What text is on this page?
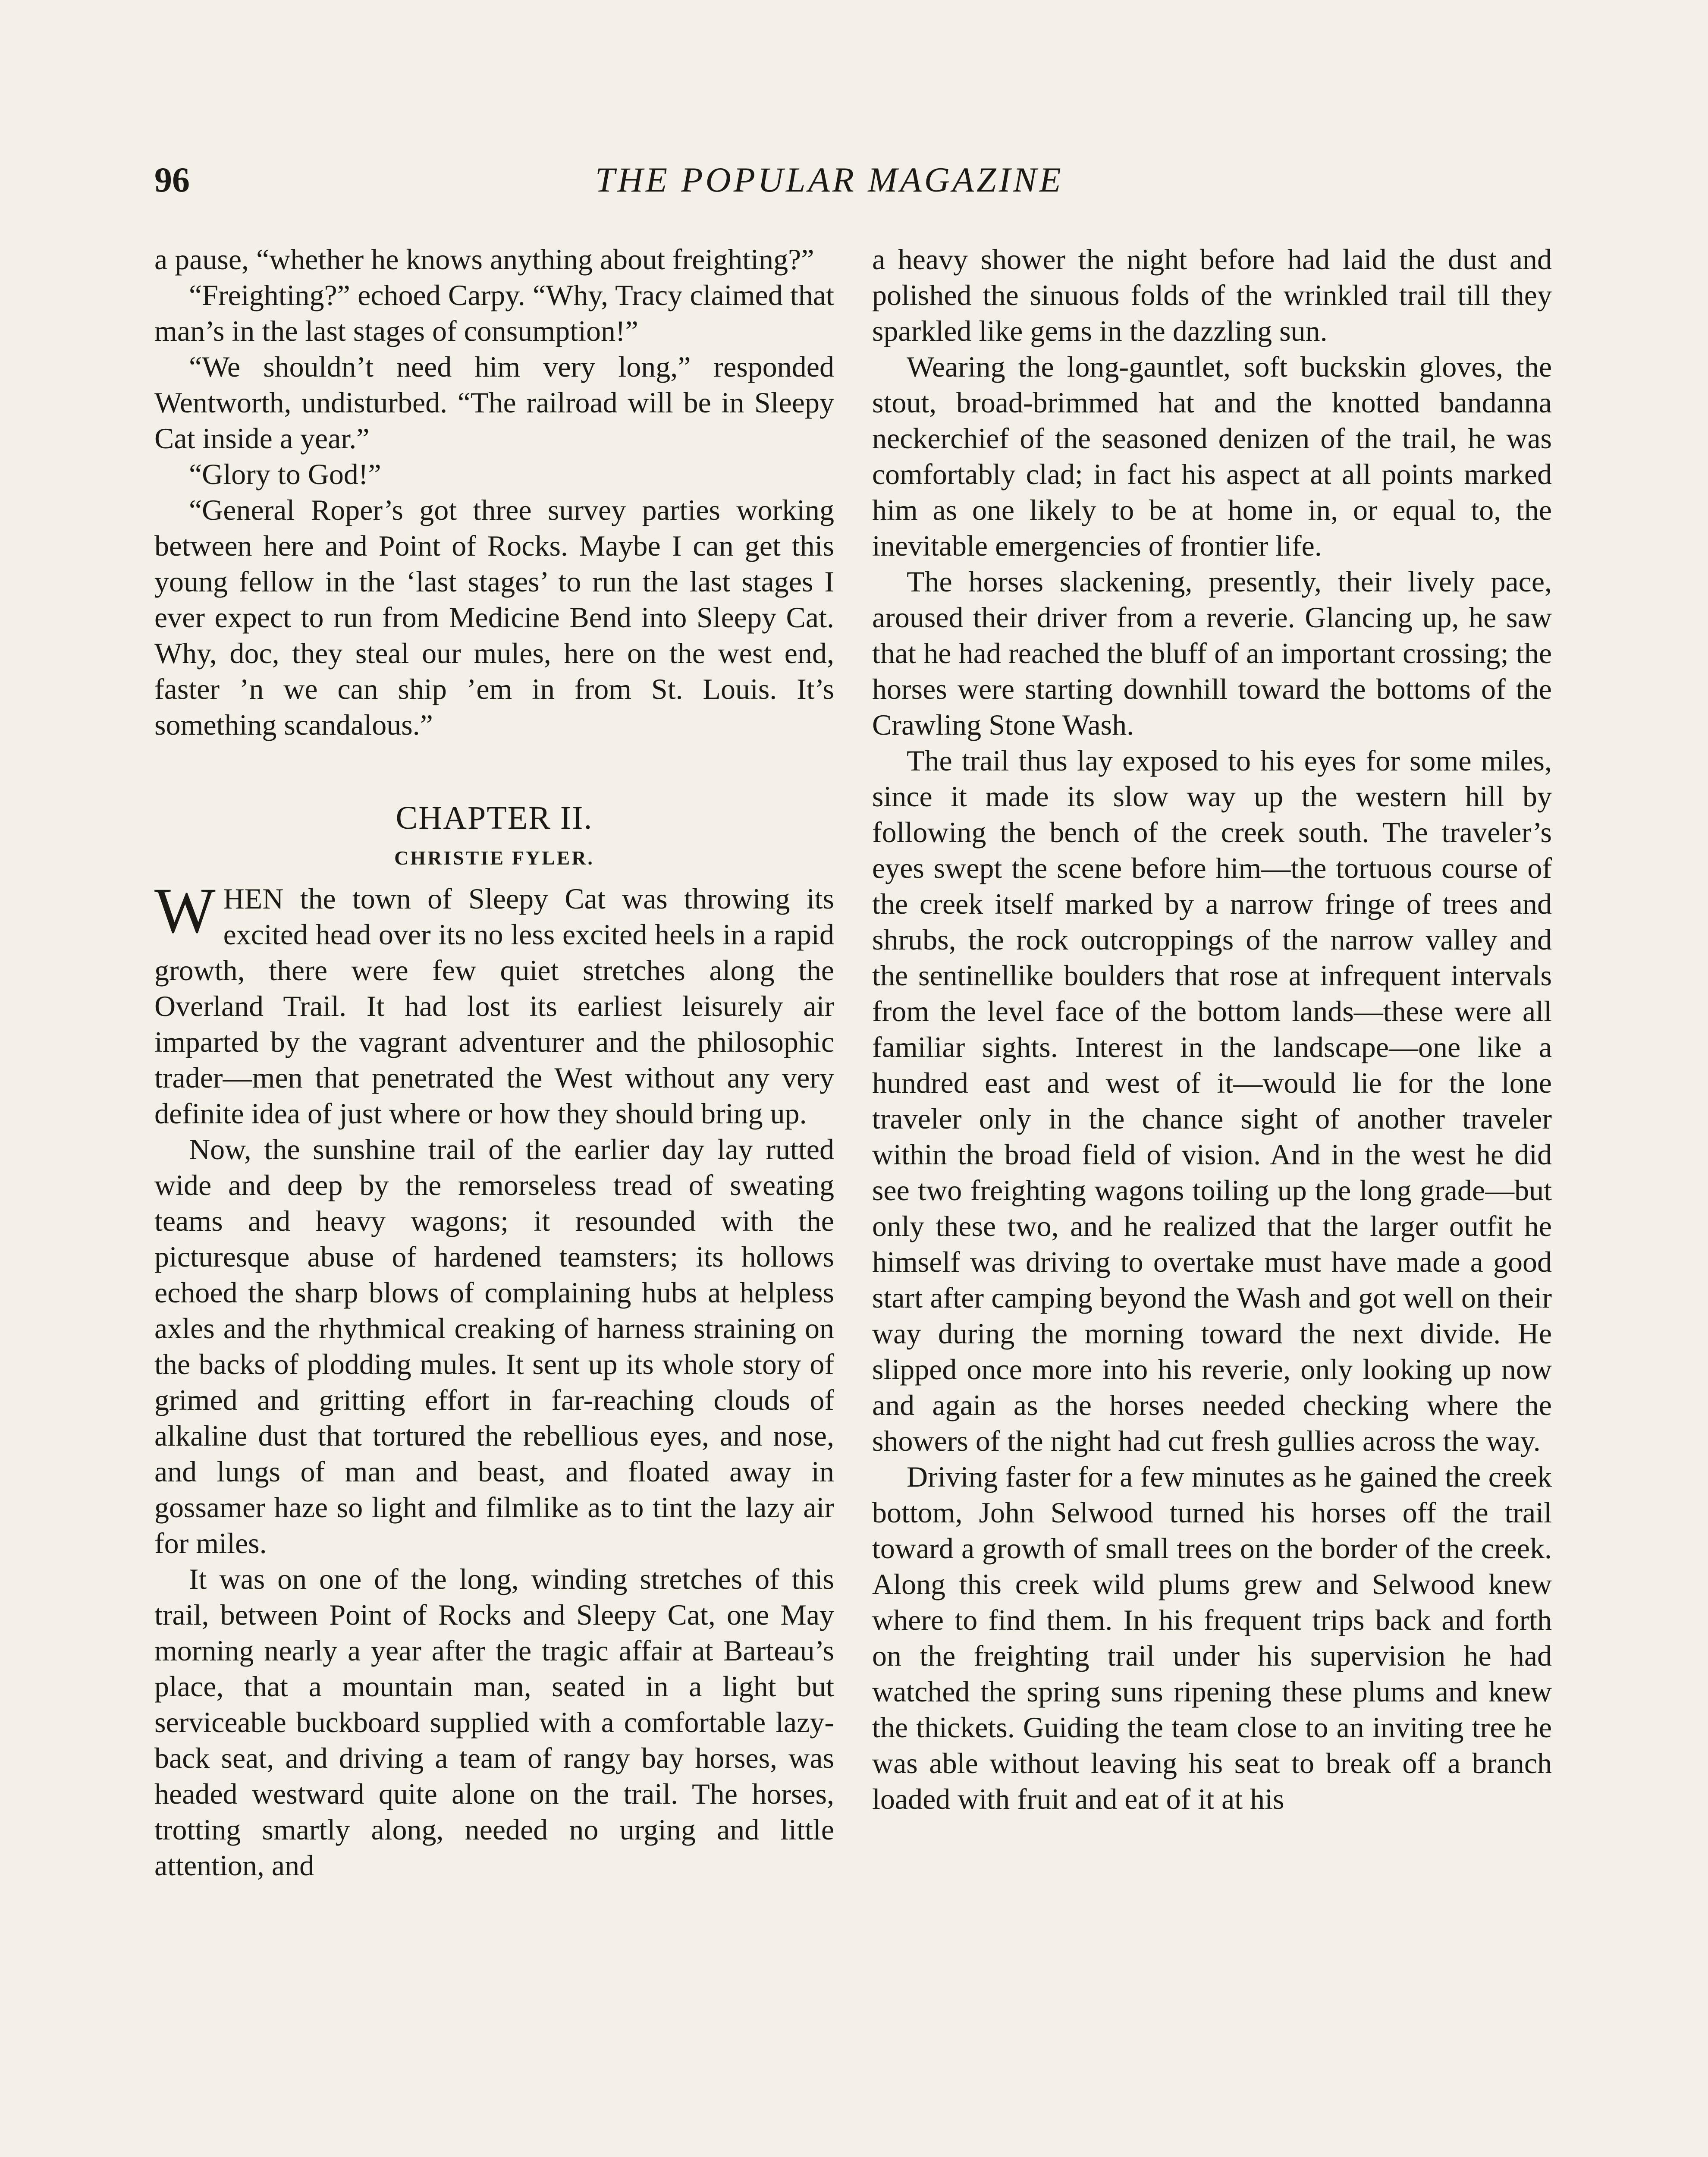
96	THE POPULAR MAGAZINE

a pause, “whether he knows anything about freighting?”

“Freighting?” echoed Carpy. “Why, Tracy claimed that man’s in the last stages of consumption!”

“We shouldn’t need him very long,” responded Wentworth, undisturbed. “The railroad will be in Sleepy Cat inside a year.”

“Glory to God!”

“General Roper’s got three survey parties working between here and Point of Rocks. Maybe I can get this young fellow in the ‘last stages’ to run the last stages I ever expect to run from Medicine Bend into Sleepy Cat. Why, doc, they steal our mules, here on the west end, faster ’n we can ship ’em in from St. Louis. It’s something scandalous.”

CHAPTER II.
CHRISTIE FYLER.

WHEN the town of Sleepy Cat was throwing its excited head over its no less excited heels in a rapid growth, there were few quiet stretches along the Overland Trail. It had lost its earliest leisurely air imparted by the vagrant adventurer and the philosophic trader—men that penetrated the West without any very definite idea of just where or how they should bring up.

Now, the sunshine trail of the earlier day lay rutted wide and deep by the remorseless tread of sweating teams and heavy wagons; it resounded with the picturesque abuse of hardened teamsters; its hollows echoed the sharp blows of complaining hubs at helpless axles and the rhythmical creaking of harness straining on the backs of plodding mules. It sent up its whole story of grimed and gritting effort in far-reaching clouds of alkaline dust that tortured the rebellious eyes, and nose, and lungs of man and beast, and floated away in gossamer haze so light and filmlike as to tint the lazy air for miles.

It was on one of the long, winding stretches of this trail, between Point of Rocks and Sleepy Cat, one May morning nearly a year after the tragic affair at Barteau’s place, that a mountain man, seated in a light but serviceable buckboard supplied with a comfortable lazy-back seat, and driving a team of rangy bay horses, was headed westward quite alone on the trail. The horses, trotting smartly along, needed no urging and little attention, and

a heavy shower the night before had laid the dust and polished the sinuous folds of the wrinkled trail till they sparkled like gems in the dazzling sun.

Wearing the long-gauntlet, soft buckskin gloves, the stout, broad-brimmed hat and the knotted bandanna neckerchief of the seasoned denizen of the trail, he was comfortably clad; in fact his aspect at all points marked him as one likely to be at home in, or equal to, the inevitable emergencies of frontier life.

The horses slackening, presently, their lively pace, aroused their driver from a reverie. Glancing up, he saw that he had reached the bluff of an important crossing; the horses were starting downhill toward the bottoms of the Crawling Stone Wash.

The trail thus lay exposed to his eyes for some miles, since it made its slow way up the western hill by following the bench of the creek south. The traveler’s eyes swept the scene before him—the tortuous course of the creek itself marked by a narrow fringe of trees and shrubs, the rock outcroppings of the narrow valley and the sentinellike boulders that rose at infrequent intervals from the level face of the bottom lands—these were all familiar sights. Interest in the landscape—one like a hundred east and west of it—would lie for the lone traveler only in the chance sight of another traveler within the broad field of vision. And in the west he did see two freighting wagons toiling up the long grade—but only these two, and he realized that the larger outfit he himself was driving to overtake must have made a good start after camping beyond the Wash and got well on their way during the morning toward the next divide. He slipped once more into his reverie, only looking up now and again as the horses needed checking where the showers of the night had cut fresh gullies across the way.

Driving faster for a few minutes as he gained the creek bottom, John Selwood turned his horses off the trail toward a growth of small trees on the border of the creek. Along this creek wild plums grew and Selwood knew where to find them. In his frequent trips back and forth on the freighting trail under his supervision he had watched the spring suns ripening these plums and knew the thickets. Guiding the team close to an inviting tree he was able without leaving his seat to break off a branch loaded with fruit and eat of it at his
